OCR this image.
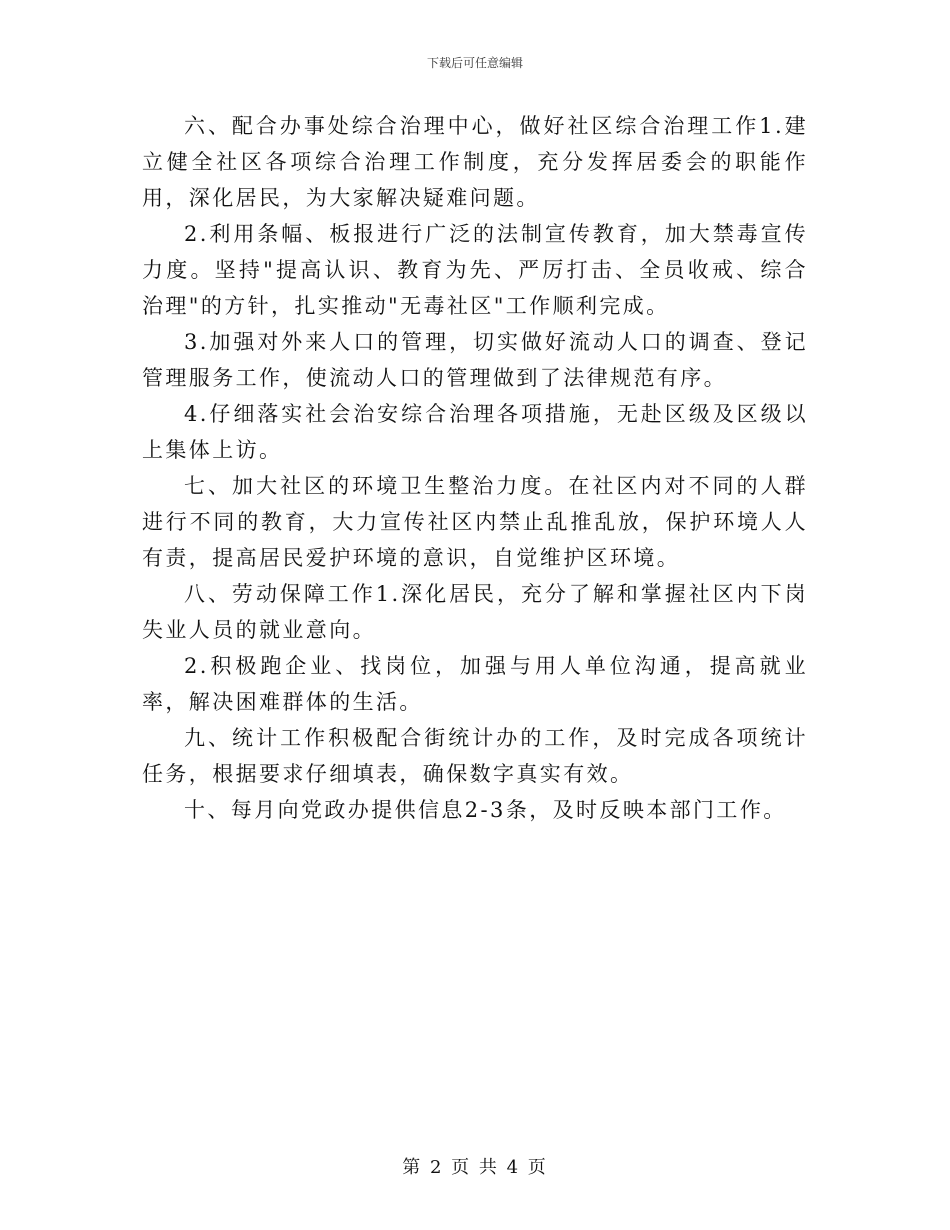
下载后可任意编辑

六、配合办事处综合治理中心，做好社区综合治理工作1.建立健全社区各项综合治理工作制度，充分发挥居委会的职能作用，深化居民，为大家解决疑难问题。

2.利用条幅、板报进行广泛的法制宣传教育，加大禁毒宣传力度。坚持"提高认识、教育为先、严厉打击、全员收戒、综合治理"的方针，扎实推动"无毒社区"工作顺利完成。

3.加强对外来人口的管理，切实做好流动人口的调查、登记管理服务工作，使流动人口的管理做到了法律规范有序。

4.仔细落实社会治安综合治理各项措施，无赴区级及区级以上集体上访。

七、加大社区的环境卫生整治力度。在社区内对不同的人群进行不同的教育，大力宣传社区内禁止乱推乱放，保护环境人人有责，提高居民爱护环境的意识，自觉维护区环境。

八、劳动保障工作1.深化居民，充分了解和掌握社区内下岗失业人员的就业意向。

2.积极跑企业、找岗位，加强与用人单位沟通，提高就业率，解决困难群体的生活。

九、统计工作积极配合街统计办的工作，及时完成各项统计任务，根据要求仔细填表，确保数字真实有效。

十、每月向党政办提供信息2-3条，及时反映本部门工作。

第 2 页 共 4 页
